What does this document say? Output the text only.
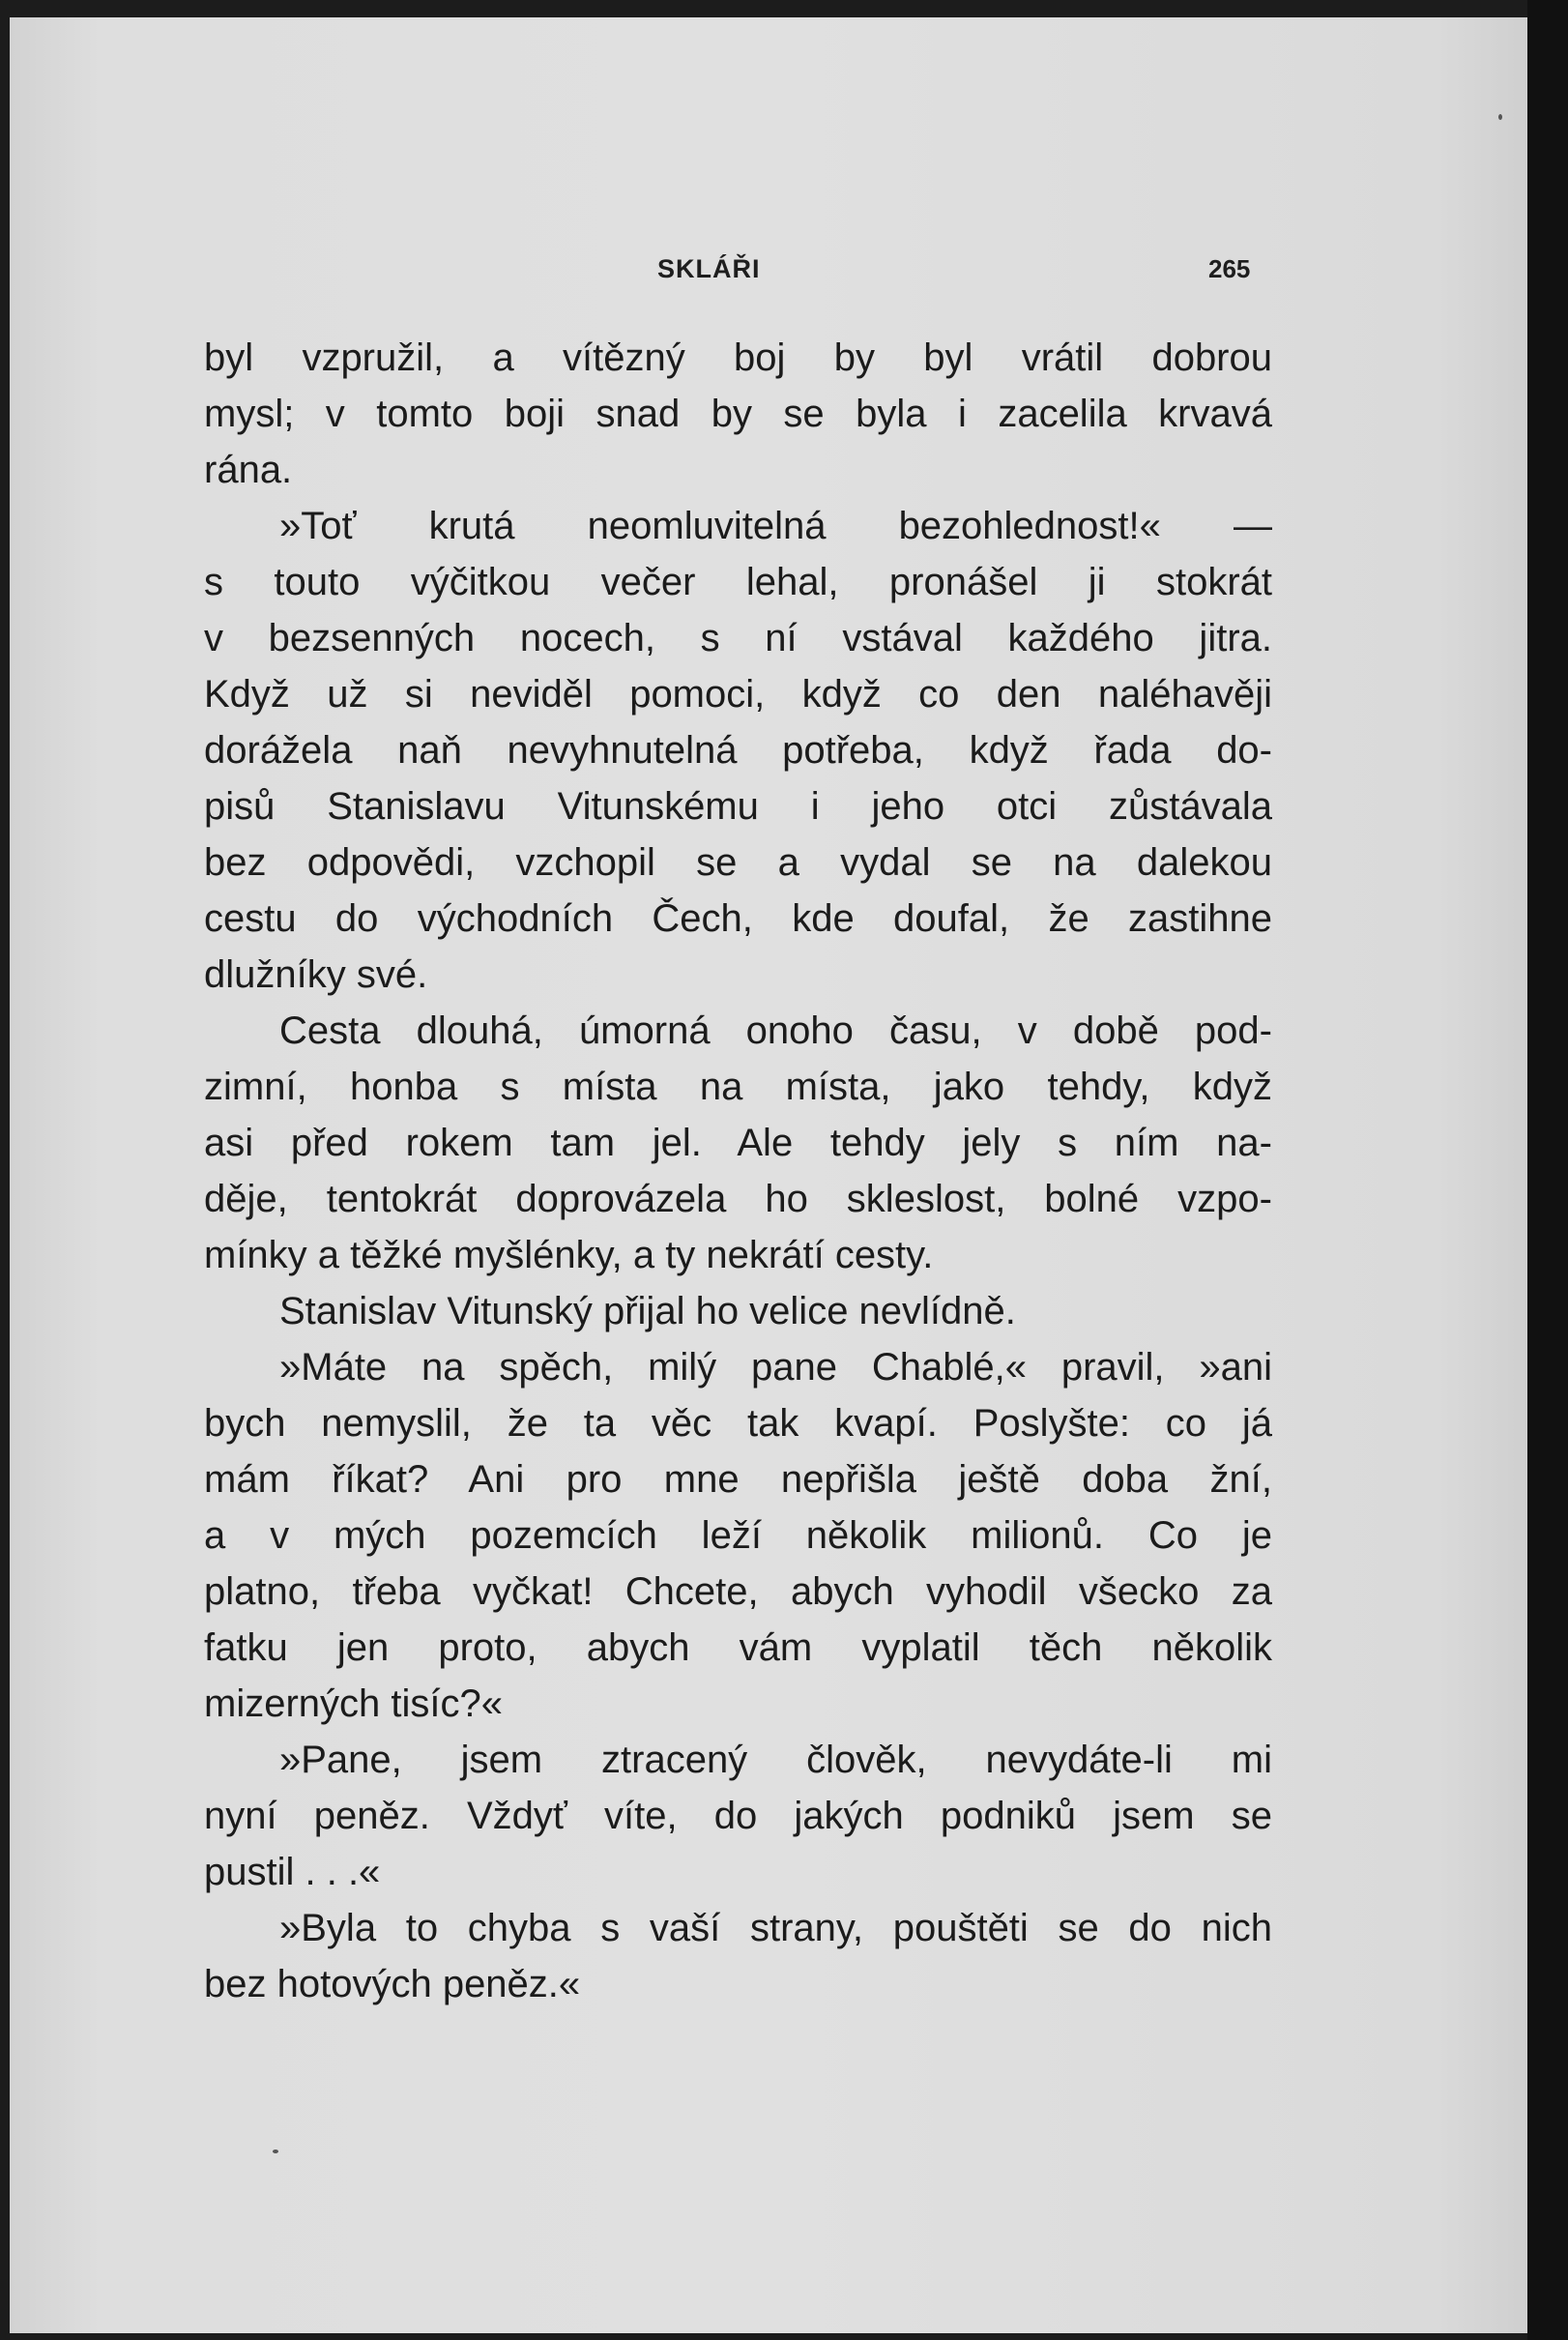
SKLÁŘI	265
byl vzpružil, a vítězný boj by byl vrátil dobrou
mysl; v tomto boji snad by se byla i zacelila krvavá
rána.
»Toť krutá neomluvitelná bezohlednost!« —
s touto výčitkou večer lehal, pronášel ji stokrát
v bezsenných nocech, s ní vstával každého jitra.
Když už si neviděl pomoci, když co den naléhavěji
dorážela naň nevyhnutelná potřeba, když řada do-
pisů Stanislavu Vitunskému i jeho otci zůstávala
bez odpovědi, vzchopil se a vydal se na dalekou
cestu do východních Čech, kde doufal, že zastihne
dlužníky své.
Cesta dlouhá, úmorná onoho času, v době pod-
zimní, honba s místa na místa, jako tehdy, když
asi před rokem tam jel. Ale tehdy jely s ním na-
děje, tentokrát doprovázela ho skleslost, bolné vzpo-
mínky a těžké myšlénky, a ty nekrátí cesty.
Stanislav Vitunský přijal ho velice nevlídně.
»Máte na spěch, milý pane Chablé,« pravil, »ani
bych nemyslil, že ta věc tak kvapí. Poslyšte: co já
mám říkat? Ani pro mne nepřišla ještě doba žní,
a v mých pozemcích leží několik milionů. Co je
platno, třeba vyčkat! Chcete, abych vyhodil všecko za
fatku jen proto, abych vám vyplatil těch několik
mizerných tisíc?«
»Pane, jsem ztracený člověk, nevydáte-li mi
nyní peněz. Vždyť víte, do jakých podniků jsem se
pustil . . .«
»Byla to chyba s vaší strany, pouštěti se do nich
bez hotových peněz.«
